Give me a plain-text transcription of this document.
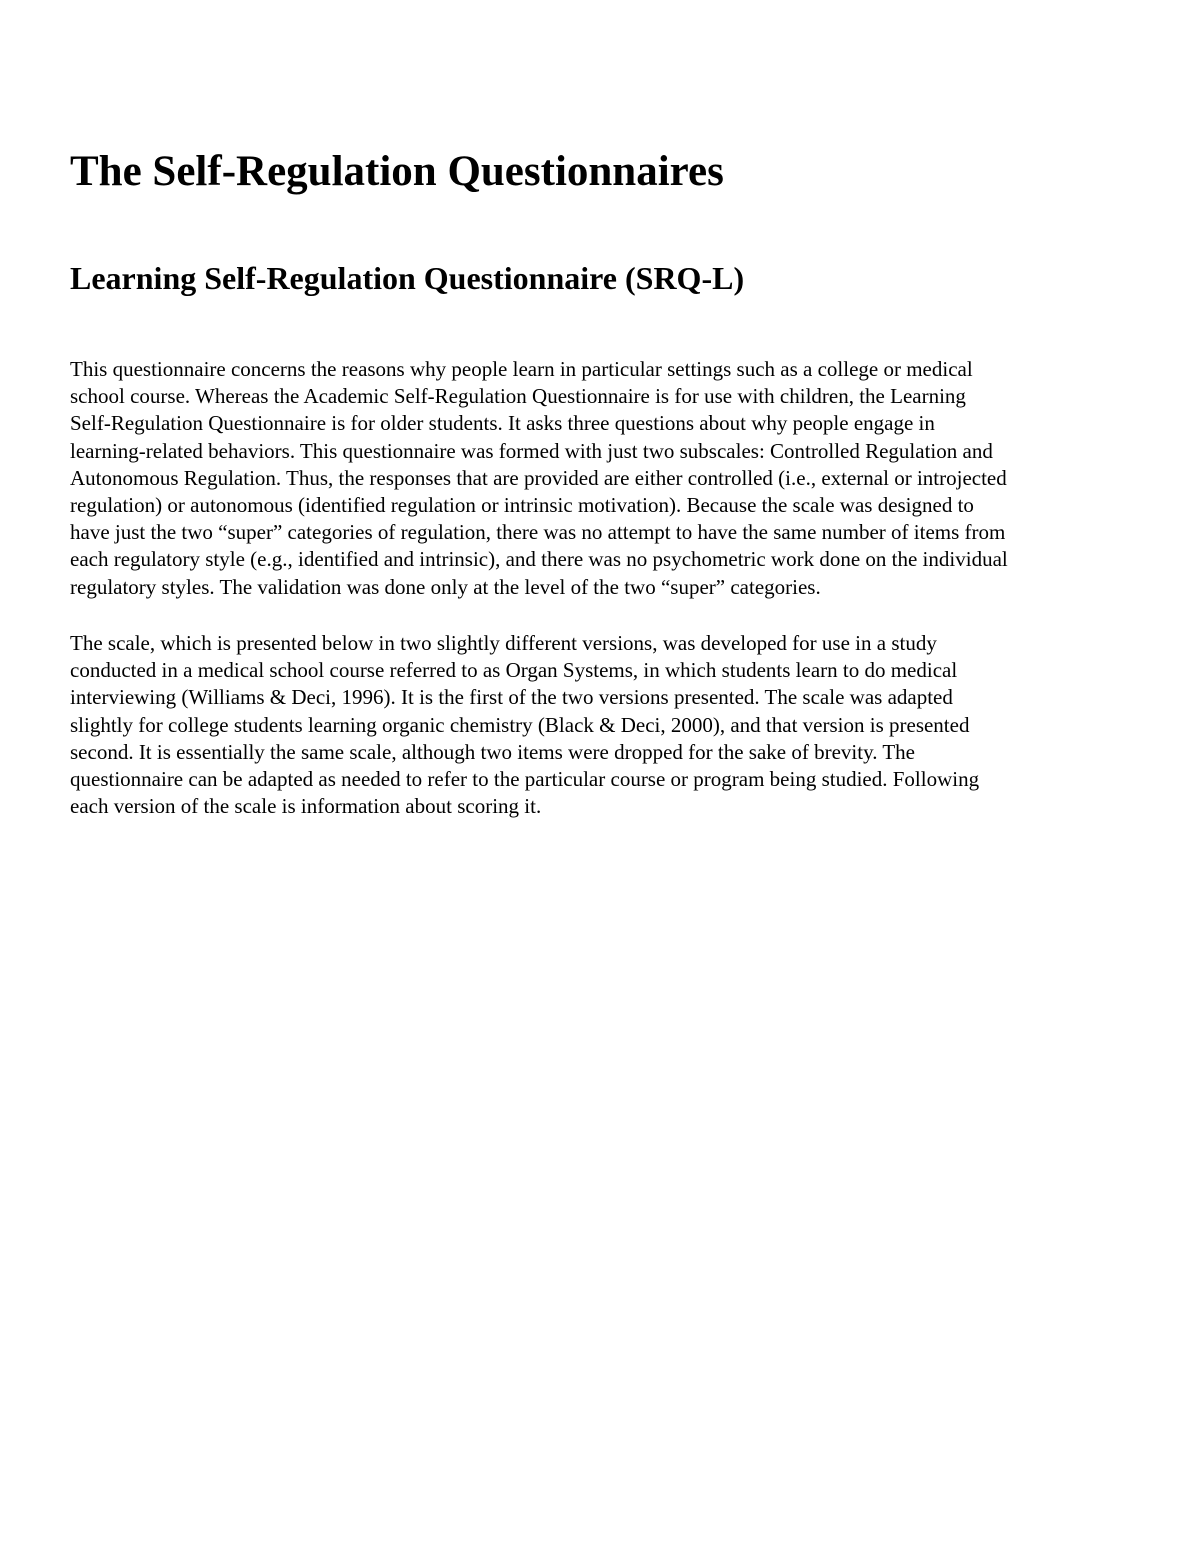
The Self-Regulation Questionnaires
Learning Self-Regulation Questionnaire (SRQ-L)

This questionnaire concerns the reasons why people learn in particular settings such as a college or medical
school course. Whereas the Academic Self-Regulation Questionnaire is for use with children, the Learning
Self-Regulation Questionnaire is for older students. It asks three questions about why people engage in
learning-related behaviors. This questionnaire was formed with just two subscales: Controlled Regulation and
Autonomous Regulation. Thus, the responses that are provided are either controlled (i.e., external or introjected
regulation) or autonomous (identified regulation or intrinsic motivation). Because the scale was designed to
have just the two “super” categories of regulation, there was no attempt to have the same number of items from
each regulatory style (e.g., identified and intrinsic), and there was no psychometric work done on the individual
regulatory styles. The validation was done only at the level of the two “super” categories.

The scale, which is presented below in two slightly different versions, was developed for use in a study
conducted in a medical school course referred to as Organ Systems, in which students learn to do medical
interviewing (Williams & Deci, 1996). It is the first of the two versions presented. The scale was adapted
slightly for college students learning organic chemistry (Black & Deci, 2000), and that version is presented
second. It is essentially the same scale, although two items were dropped for the sake of brevity. The
questionnaire can be adapted as needed to refer to the particular course or program being studied. Following
each version of the scale is information about scoring it.
